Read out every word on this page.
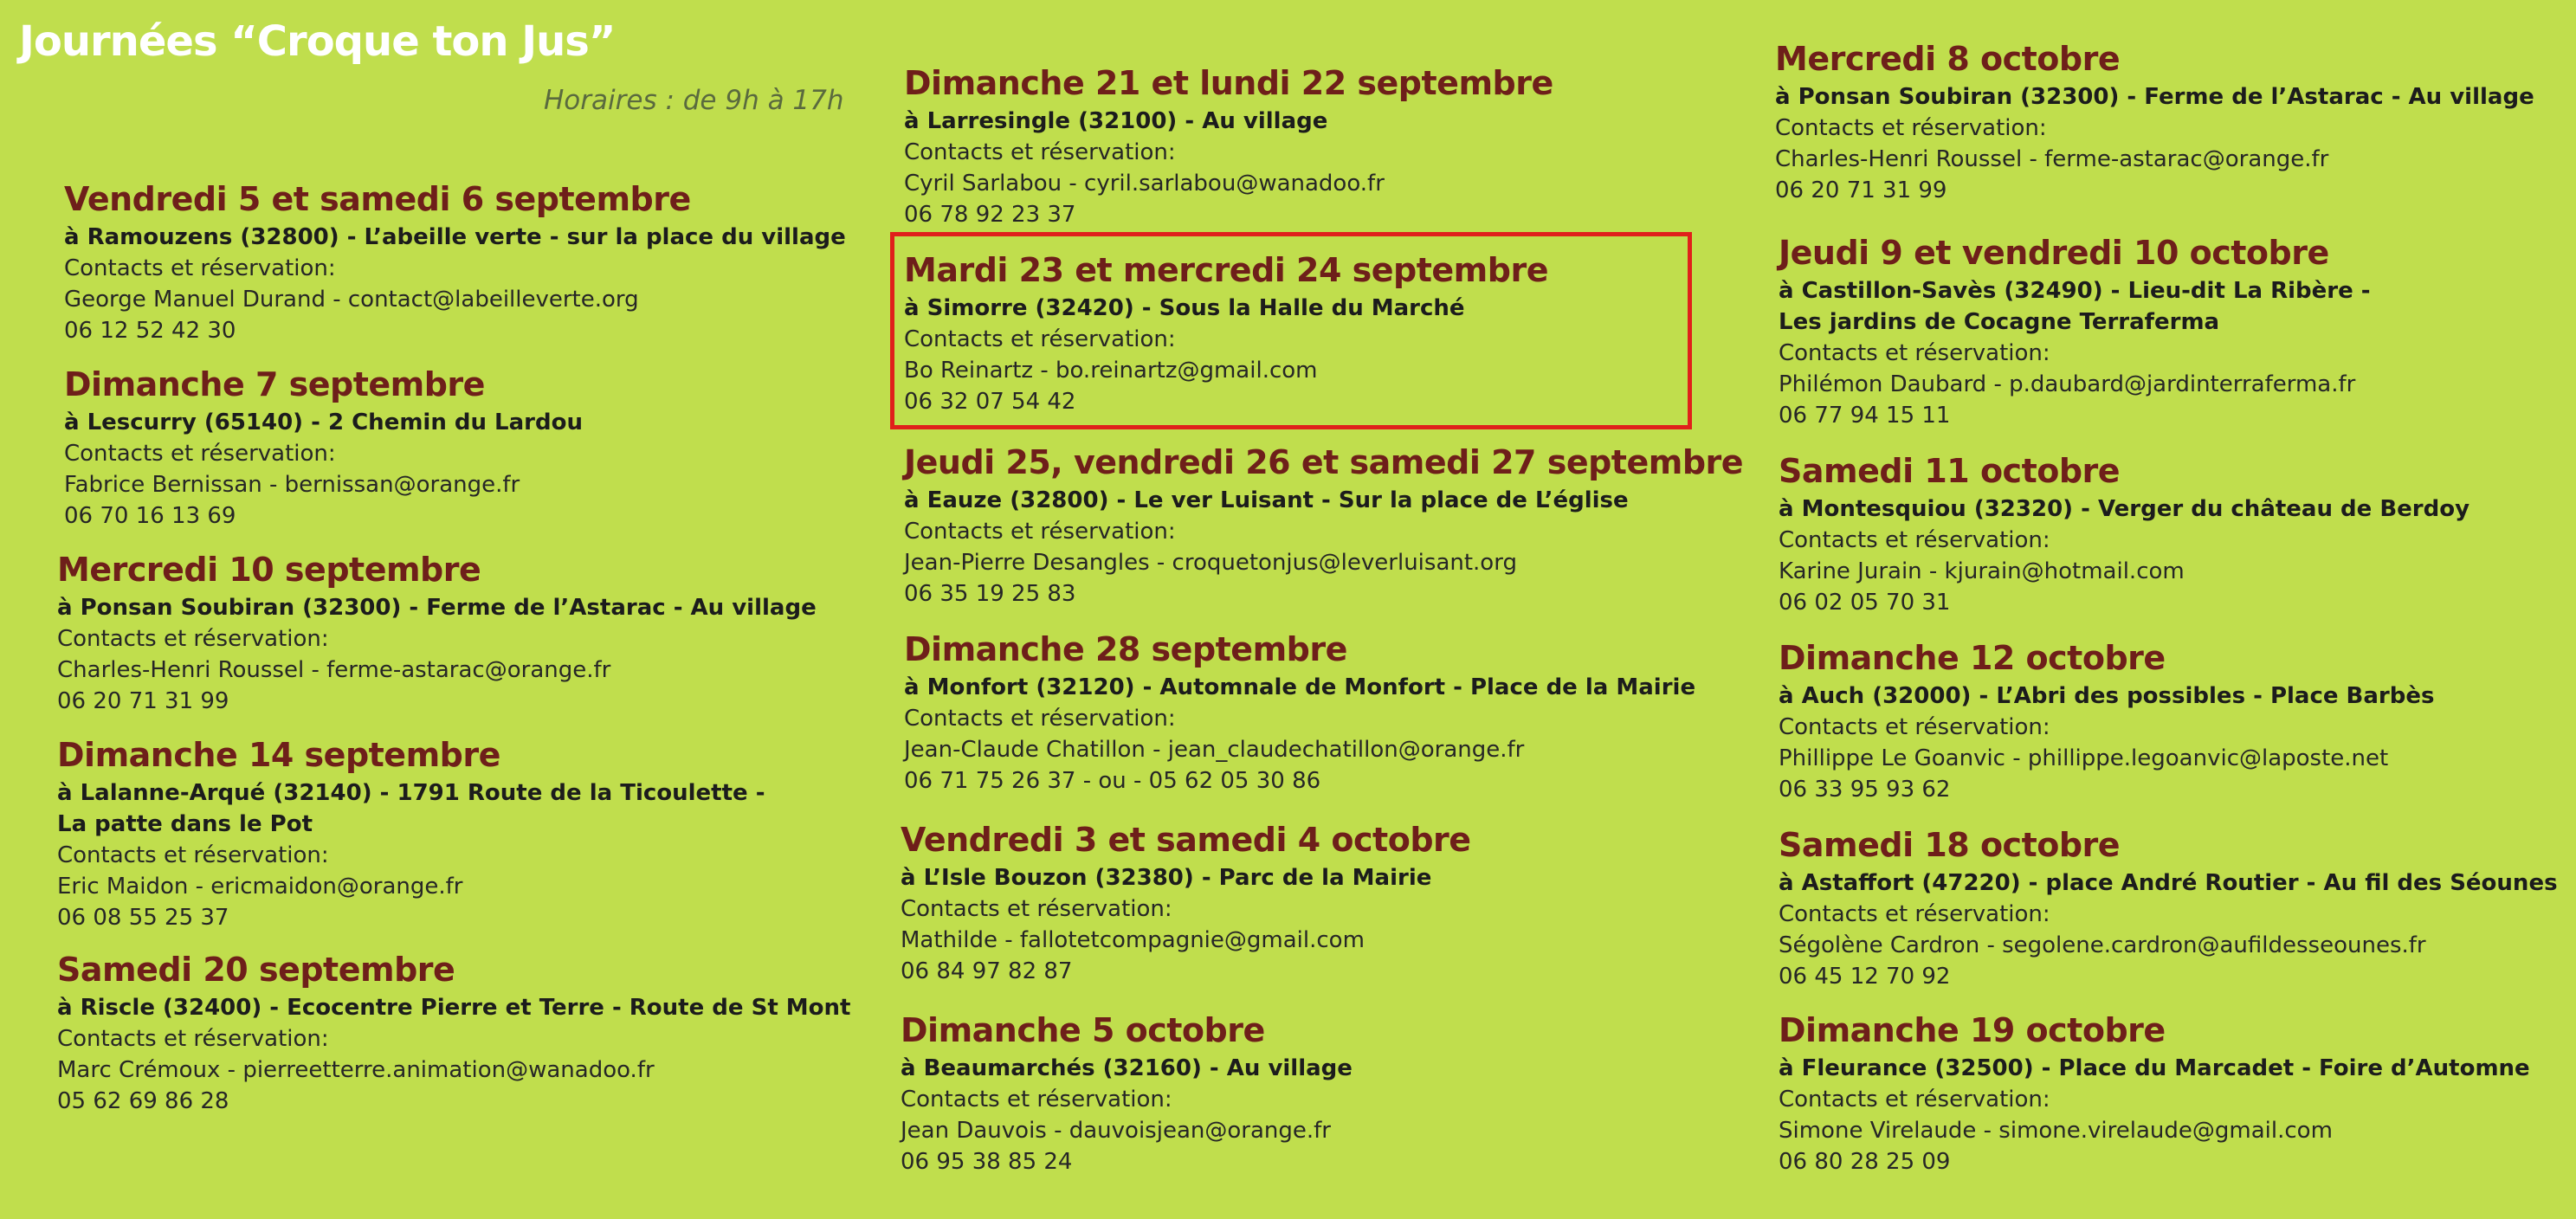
Journées “Croque ton Jus”
Horaires : de 9h à 17h
Vendredi 5 et samedi 6 septembre
à Ramouzens (32800) - L’abeille verte - sur la place du village
Contacts et réservation:
George Manuel Durand - contact@labeilleverte.org
06 12 52 42 30
Dimanche 7 septembre
à Lescurry (65140) - 2 Chemin du Lardou
Contacts et réservation:
Fabrice Bernissan - bernissan@orange.fr
06 70 16 13 69
Mercredi 10 septembre
à Ponsan Soubiran (32300) - Ferme de l’Astarac - Au village
Contacts et réservation:
Charles-Henri Roussel - ferme-astarac@orange.fr
06 20 71 31 99
Dimanche 14 septembre
à Lalanne-Arqué (32140) - 1791 Route de la Ticoulette -
La patte dans le Pot
Contacts et réservation:
Eric Maidon - ericmaidon@orange.fr
06 08 55 25 37
Samedi 20 septembre
à Riscle (32400) - Ecocentre Pierre et Terre - Route de St Mont
Contacts et réservation:
Marc Crémoux - pierreetterre.animation@wanadoo.fr
05 62 69 86 28
Dimanche 21 et lundi 22 septembre
à Larresingle (32100) - Au village
Contacts et réservation:
Cyril Sarlabou - cyril.sarlabou@wanadoo.fr
06 78 92 23 37
Mardi 23 et mercredi 24 septembre
à Simorre (32420) - Sous la Halle du Marché
Contacts et réservation:
Bo Reinartz - bo.reinartz@gmail.com
06 32 07 54 42
Jeudi 25, vendredi 26 et samedi 27 septembre
à Eauze (32800) - Le ver Luisant - Sur la place de L’église
Contacts et réservation:
Jean-Pierre Desangles - croquetonjus@leverluisant.org
06 35 19 25 83
Dimanche 28 septembre
à Monfort (32120) - Automnale de Monfort - Place de la Mairie
Contacts et réservation:
Jean-Claude Chatillon - jean_claudechatillon@orange.fr
06 71 75 26 37 - ou - 05 62 05 30 86
Vendredi 3 et samedi 4 octobre
à L’Isle Bouzon (32380) - Parc de la Mairie
Contacts et réservation:
Mathilde - fallotetcompagnie@gmail.com
06 84 97 82 87
Dimanche 5 octobre
à Beaumarchés (32160) - Au village
Contacts et réservation:
Jean Dauvois - dauvoisjean@orange.fr
06 95 38 85 24
Mercredi 8 octobre
à Ponsan Soubiran (32300) - Ferme de l’Astarac - Au village
Contacts et réservation:
Charles-Henri Roussel - ferme-astarac@orange.fr
06 20 71 31 99
Jeudi 9 et vendredi 10 octobre
à Castillon-Savès (32490) - Lieu-dit La Ribère -
Les jardins de Cocagne Terraferma
Contacts et réservation:
Philémon Daubard - p.daubard@jardinterraferma.fr
06 77 94 15 11
Samedi 11 octobre
à Montesquiou (32320) - Verger du château de Berdoy
Contacts et réservation:
Karine Jurain - kjurain@hotmail.com
06 02 05 70 31
Dimanche 12 octobre
à Auch (32000) - L’Abri des possibles - Place Barbès
Contacts et réservation:
Phillippe Le Goanvic - phillippe.legoanvic@laposte.net
06 33 95 93 62
Samedi 18 octobre
à Astaffort (47220) - place André Routier - Au fil des Séounes
Contacts et réservation:
Ségolène Cardron - segolene.cardron@aufildesseounes.fr
06 45 12 70 92
Dimanche 19 octobre
à Fleurance (32500) - Place du Marcadet - Foire d’Automne
Contacts et réservation:
Simone Virelaude - simone.virelaude@gmail.com
06 80 28 25 09
